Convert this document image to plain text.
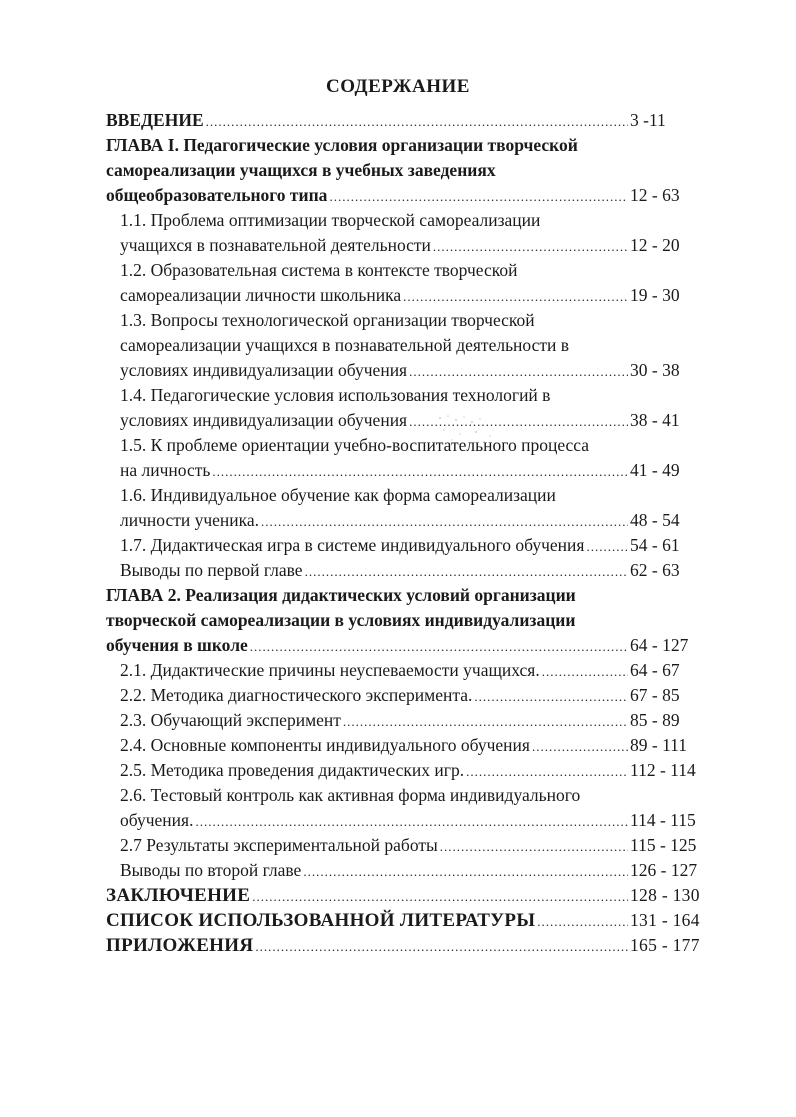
СОДЕРЖАНИЕ
ВВЕДЕНИЕ .....	3 -11
ГЛАВА I. Педагогические условия организации творческой
самореализации учащихся в учебных заведениях
общеобразовательного типа .....	12 - 63
1.1. Проблема оптимизации творческой самореализации
учащихся в познавательной деятельности .....	12 - 20
1.2. Образовательная система в контексте творческой
самореализации личности школьника .....	19 - 30
1.3. Вопросы технологической организации творческой
самореализации учащихся в познавательной деятельности в
условиях индивидуализации обучения .....	30 - 38
1.4. Педагогические условия использования технологий в
условиях индивидуализации обучения .....	38 - 41
1.5. К проблеме ориентации учебно-воспитательного процесса
на личность .....	41 - 49
1.6. Индивидуальное обучение как форма самореализации
личности ученика. .....	48 - 54
1.7. Дидактическая игра в системе индивидуального обучения .....	54 - 61
Выводы по первой главе .....	62 - 63
ГЛАВА 2. Реализация дидактических условий организации
творческой самореализации в условиях индивидуализации
обучения в школе .....	64 - 127
2.1. Дидактические причины неуспеваемости учащихся. .....	64 - 67
2.2. Методика диагностического эксперимента. .....	67 - 85
2.3. Обучающий эксперимент .....	85 - 89
2.4. Основные компоненты индивидуального обучения .....	89 - 111
2.5. Методика проведения дидактических игр. .....	112 - 114
2.6. Тестовый контроль как активная форма индивидуального
обучения. .....	114 - 115
2.7 Результаты экспериментальной работы .....	115 - 125
Выводы по второй главе .....	126 - 127
ЗАКЛЮЧЕНИЕ .....	128 - 130
СПИСОК ИСПОЛЬЗОВАННОЙ ЛИТЕРАТУРЫ .....	131 - 164
ПРИЛОЖЕНИЯ .....	165 - 177
